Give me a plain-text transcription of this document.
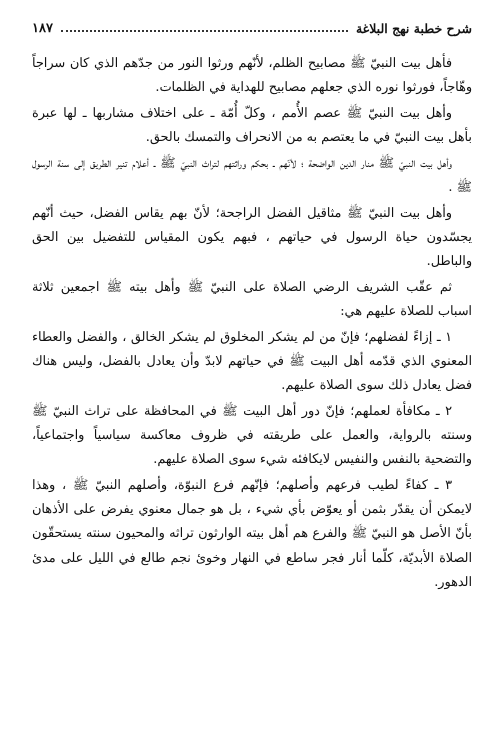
شرح خطبة نهج البلاغة
١٨٧

فأهل بيت النبيّ ﷺ مصابيح الظلم، لأنّهم ورثوا النور من جدّهم الذي كان سراجاً وهّاجاً، فورثوا نوره الذي جعلهم مصابيح للهداية في الظلمات.

وأهل بيت النبيّ ﷺ عصم الأُمم ، وكلّ أُمّة ـ على اختلاف مشاربها ـ لها عبرة بأهل بيت النبيّ في ما يعتصم به من الانحراف والتمسك بالحق.

وأهل بيت النبيّ ﷺ منار الدين الواضحة ؛ لأنّهم ـ بحكم وراثتهم لتراث النبيّ ﷺ ـ أعلام تنير الطريق إلى سنة الرسول ﷺ .

وأهل بيت النبيّ ﷺ مثاقيل الفضل الراجحة؛ لأنّ بهم يقاس الفضل، حيث أنّهم يجسّدون حياة الرسول في حياتهم ، فبهم يكون المقياس للتفضيل بين الحق والباطل.

ثم عقّب الشريف الرضي الصلاة على النبيّ ﷺ وأهل بيته ﷺ اجمعين ثلاثة اسباب للصلاة عليهم هي:

١ ـ إزاءً لفضلهم؛ فإنّ من لم يشكر المخلوق لم يشكر الخالق ، والفضل والعطاء المعنوي الذي قدّمه أهل البيت ﷺ في حياتهم لابدّ وأن يعادل بالفضل، وليس هناك فضل يعادل ذلك سوى الصلاة عليهم.

٢ ـ مكافأة لعملهم؛ فإنّ دور أهل البيت ﷺ في المحافظة على تراث النبيّ ﷺ وسنته بالرواية، والعمل على طريقته في ظروف معاكسة سياسياً واجتماعياً، والتضحية بالنفس والنفيس لايكافئه شيء سوى الصلاة عليهم.

٣ ـ كفاءً لطيب فرعهم وأصلهم؛ فإنّهم فرع النبوّة، وأصلهم النبيّ ﷺ ، وهذا لايمكن أن يقدّر بثمن أو يعوّض بأي شيء ، بل هو جمال معنوي يفرض على الأذهان بأنّ الأصل هو النبيّ ﷺ والفرع هم أهل بيته الوارثون تراثه والمحيون سنته يستحقّون الصلاة الأبديّة، كلّما أنار فجر ساطع في النهار وخوئ نجم طالع في الليل على مدئ الدهور.
